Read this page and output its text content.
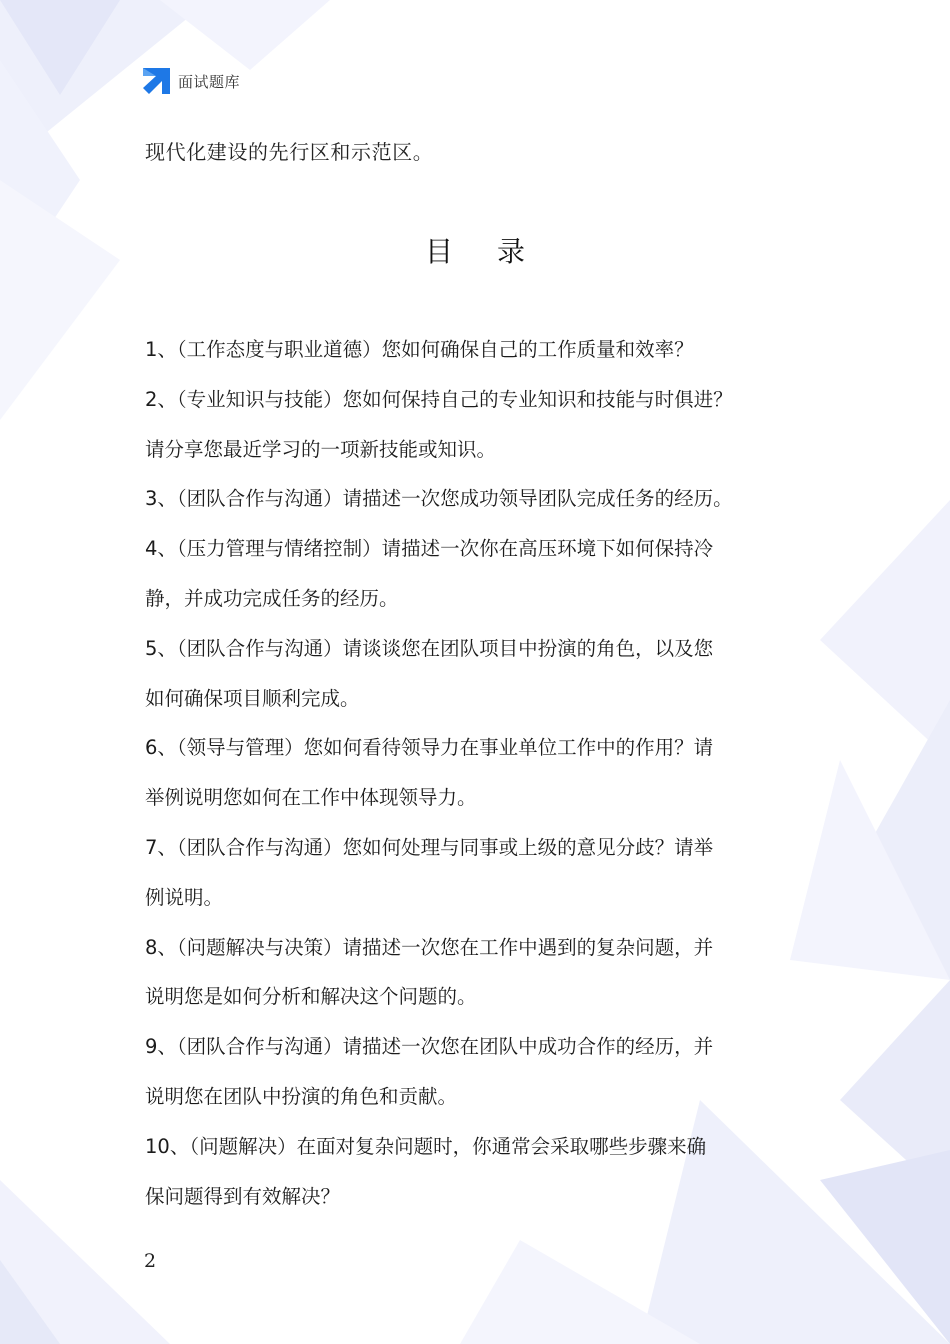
面试题库
现代化建设的先行区和示范区。
目 录
1、（工作态度与职业道德）您如何确保自己的工作质量和效率？
2、（专业知识与技能）您如何保持自己的专业知识和技能与时俱进？
请分享您最近学习的一项新技能或知识。
3、（团队合作与沟通）请描述一次您成功领导团队完成任务的经历。
4、（压力管理与情绪控制）请描述一次你在高压环境下如何保持冷
静，并成功完成任务的经历。
5、（团队合作与沟通）请谈谈您在团队项目中扮演的角色，以及您
如何确保项目顺利完成。
6、（领导与管理）您如何看待领导力在事业单位工作中的作用？请
举例说明您如何在工作中体现领导力。
7、（团队合作与沟通）您如何处理与同事或上级的意见分歧？请举
例说明。
8、（问题解决与决策）请描述一次您在工作中遇到的复杂问题，并
说明您是如何分析和解决这个问题的。
9、（团队合作与沟通）请描述一次您在团队中成功合作的经历，并
说明您在团队中扮演的角色和贡献。
10、（问题解决）在面对复杂问题时，你通常会采取哪些步骤来确
保问题得到有效解决？
2
